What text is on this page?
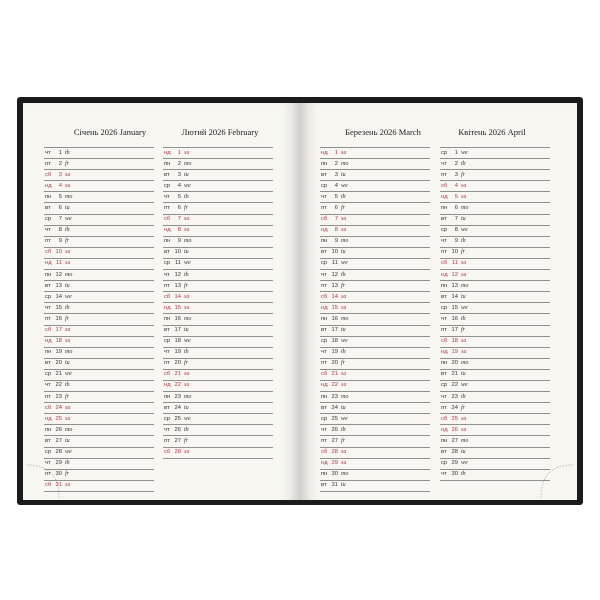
Січень 2026 January	Лютий 2026 February	Березень 2026 March	Квітень 2026 April
чт	1 th
пт	2 fr
сб	3 sa
нд	4 su
пн	5 mo
вт	6 tu
ср	7 we
чт	8 th
пт	9 fr
сб 10 sa
нд 11 su
пн 12 mo
вт 13 tu
ср 14 we
чт 15 th
пт 16 fr
сб 17 sa
нд 18 su
пн 19 mo
вт 20 tu
ср 21 we
чт 22 th
пт 23 fr
сб 24 sa
нд 25 su
пн 26 mo
вт 27 tu
ср 28 we
чт 29 th
пт 30 fr
сб 31 sa
нд	1 su
пн	2 mo
вт	3 tu
ср	4 we
чт	5 th
пт	6 fr
сб	7 sa
нд	8 su
пн	9 mo
вт 10 tu
ср 11 we
чт 12 th
пт 13 fr
сб 14 sa
нд 15 su
пн 16 mo
вт 17 tu
ср 18 we
чт 19 th
пт 20 fr
сб 21 sa
нд 22 su
пн 23 mo
вт 24 tu
ср 25 we
чт 26 th
пт 27 fr
сб 28 sa
нд	1 su
пн	2 mo
вт	3 tu
ср	4 we
чт	5 th
пт	6 fr
сб	7 sa
нд	8 su
пн	9 mo
вт 10 tu
ср 11 we
чт 12 th
пт 13 fr
сб 14 sa
нд 15 su
пн 16 mo
вт 17 tu
ср 18 we
чт 19 th
пт 20 fr
сб 21 sa
нд 22 su
пн 23 mo
вт 24 tu
ср 25 we
чт 26 th
пт 27 fr
сб 28 sa
нд 29 su
пн 30 mo
вт 31 tu
ср	1 we
чт	2 th
пт	3 fr
сб	4 sa
нд	5 su
пн	6 mo
вт	7 tu
ср	8 we
чт	9 th
пт 10 fr
сб 11 sa
нд 12 su
пн 13 mo
вт 14 tu
ср 15 we
чт 16 th
пт 17 fr
сб 18 sa
нд 19 su
пн 20 mo
вт 21 tu
ср 22 we
чт 23 th
пт 24 fr
сб 25 sa
нд 26 su
пн 27 mo
вт 28 tu
ср 29 we
чт 30 th
